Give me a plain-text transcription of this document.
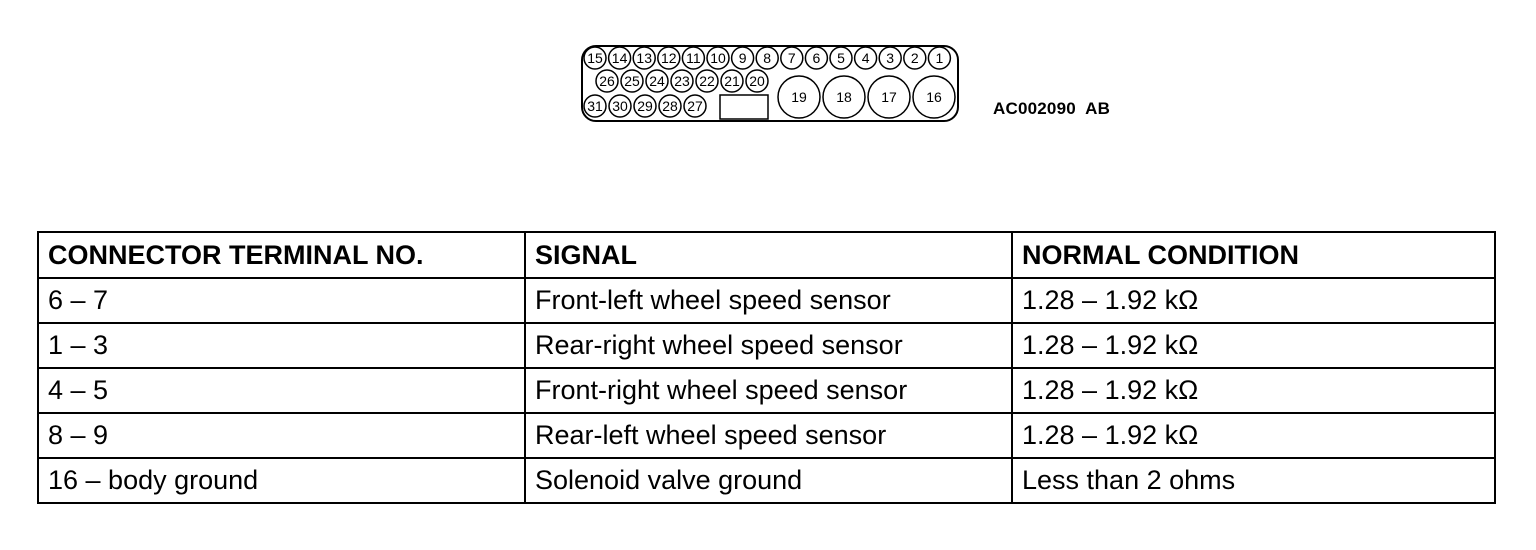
15 14 13 12 11 10 9 8 7 6 5 4 3 2 1
26 25 24 23 22 21 20
31 30 29 28 27
19 18 17 16
AC002090 AB
CONNECTOR TERMINAL NO.	SIGNAL	NORMAL CONDITION
6 – 7	Front-left wheel speed sensor	1.28 – 1.92 kΩ
1 – 3	Rear-right wheel speed sensor	1.28 – 1.92 kΩ
4 – 5	Front-right wheel speed sensor	1.28 – 1.92 kΩ
8 – 9	Rear-left wheel speed sensor	1.28 – 1.92 kΩ
16 – body ground	Solenoid valve ground	Less than 2 ohms
